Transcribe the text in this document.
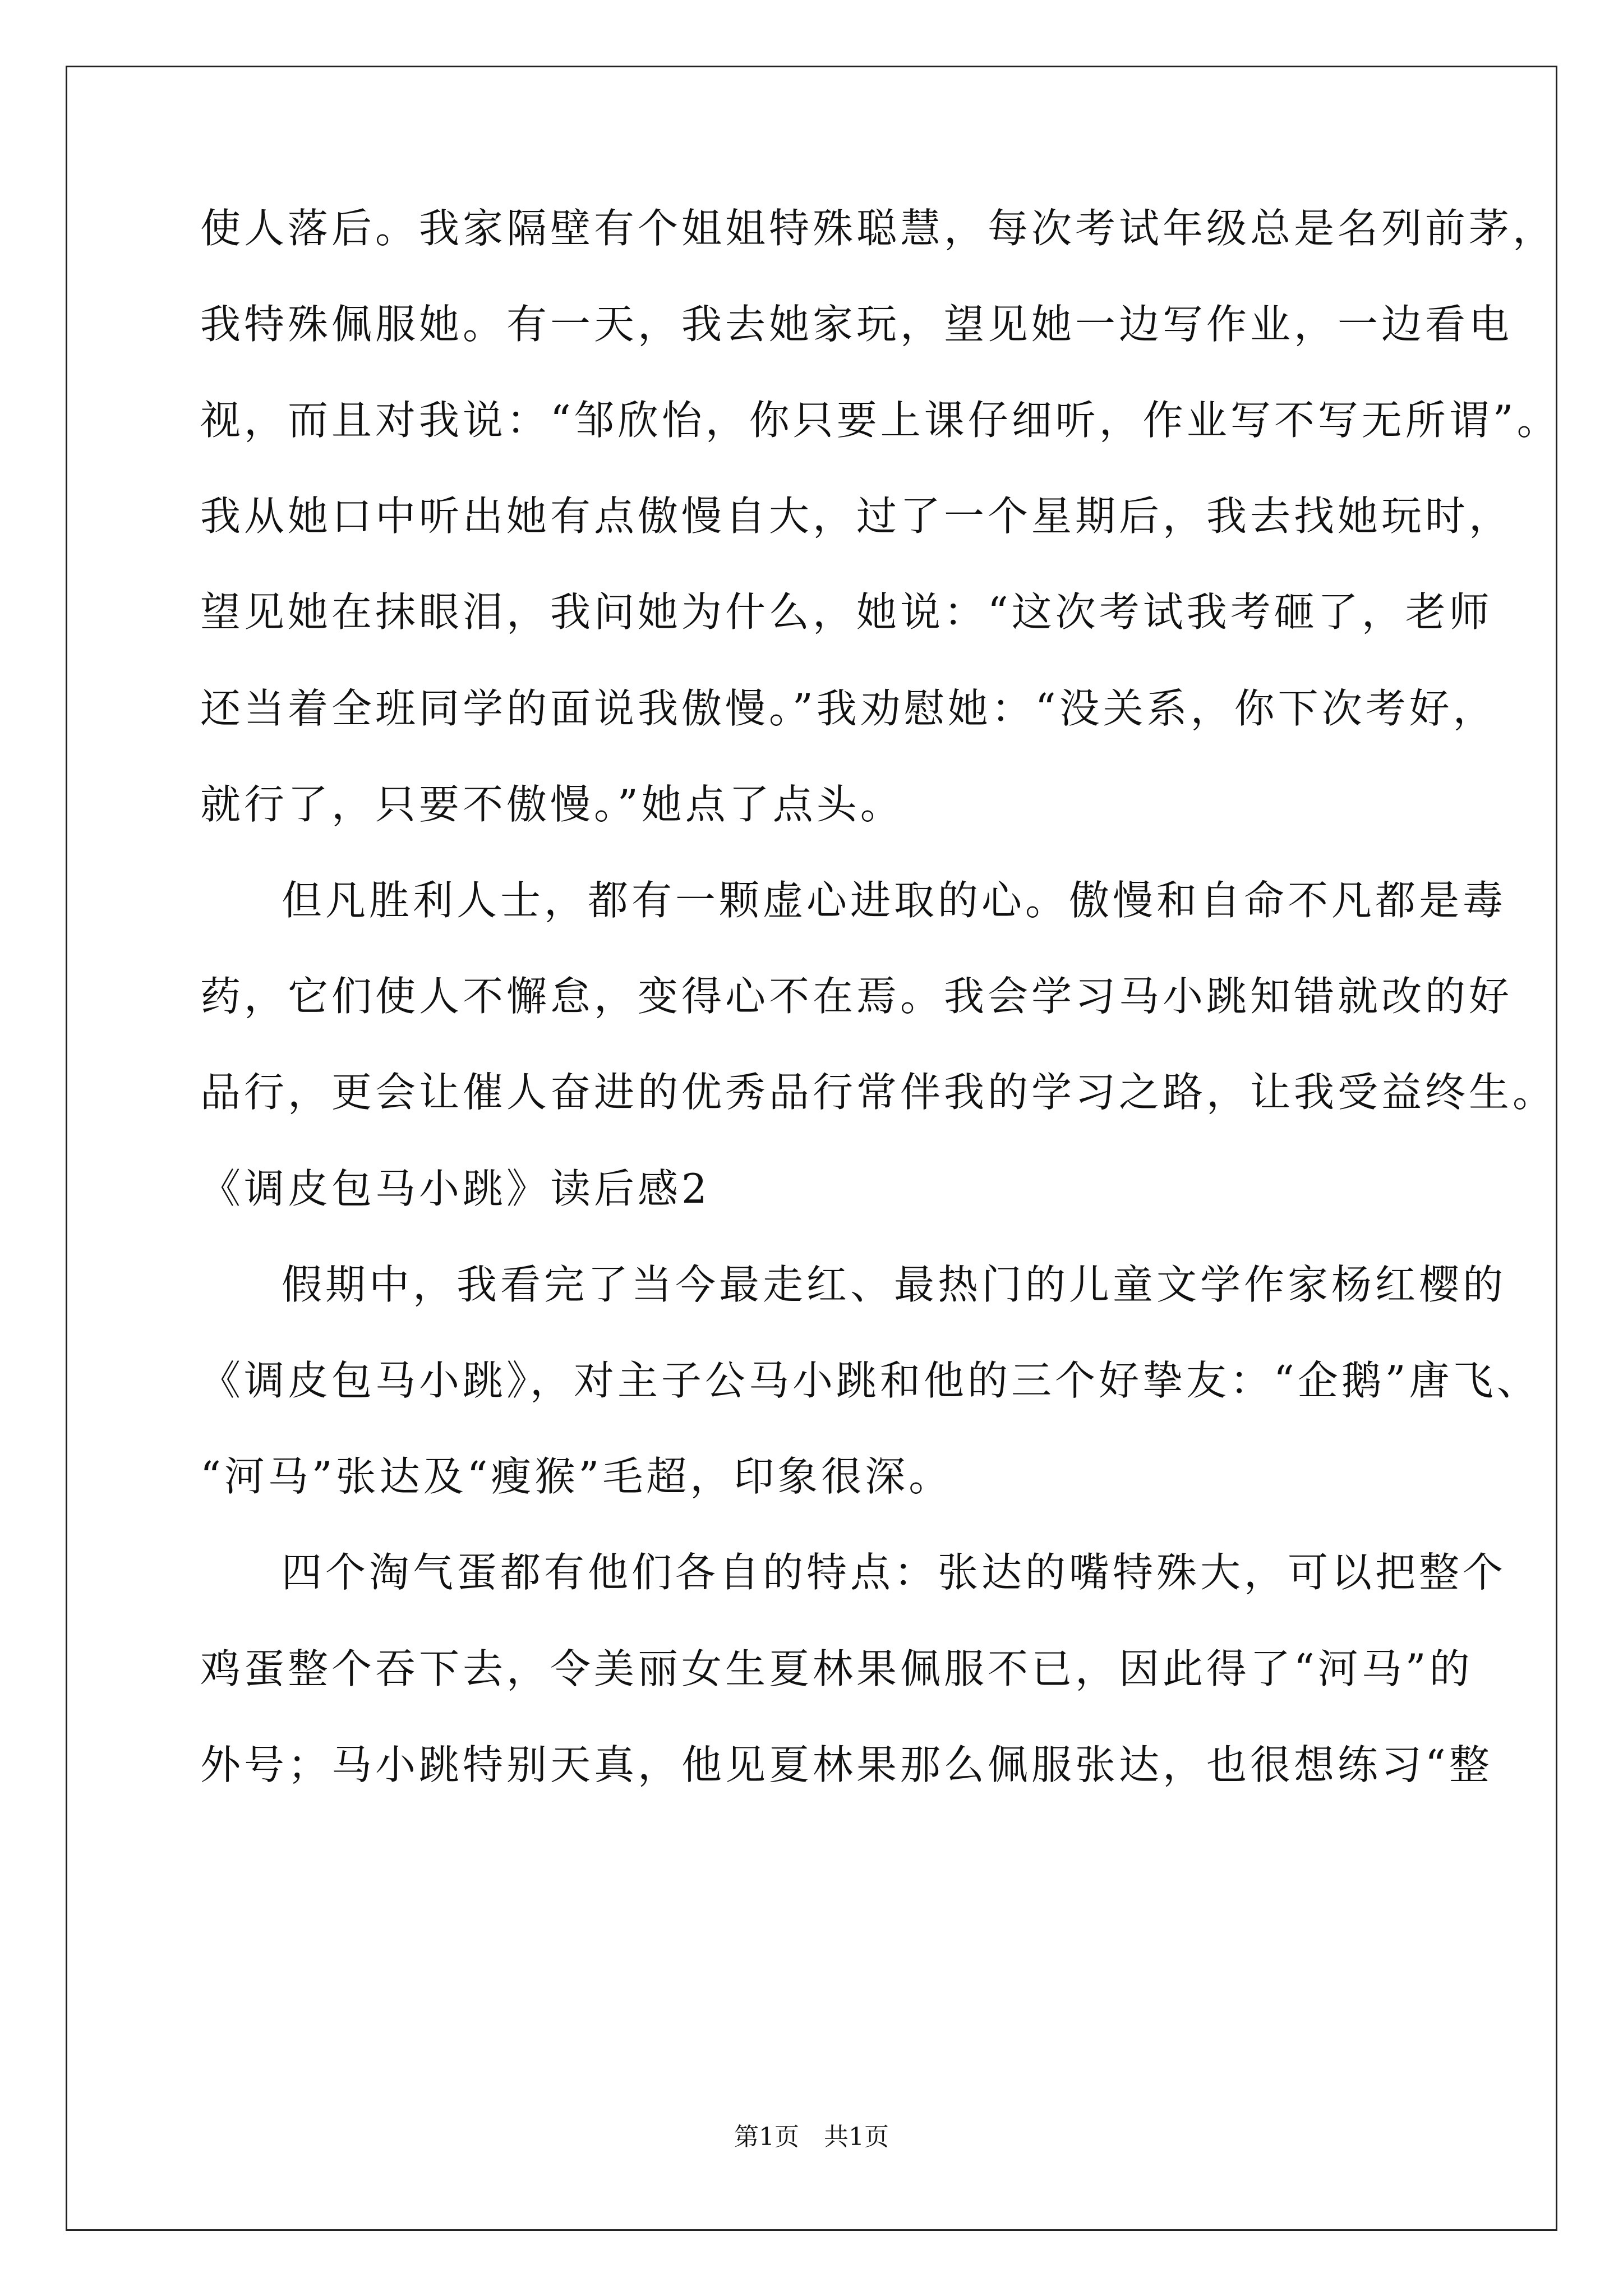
使人落后。我家隔壁有个姐姐特殊聪慧，每次考试年级总是名列前茅，
我特殊佩服她。有一天，我去她家玩，望见她一边写作业，一边看电
视，而且对我说：“邹欣怡，你只要上课仔细听，作业写不写无所谓”。
我从她口中听出她有点傲慢自大，过了一个星期后，我去找她玩时，
望见她在抹眼泪，我问她为什么，她说：“这次考试我考砸了，老师
还当着全班同学的面说我傲慢。”我劝慰她：“没关系，你下次考好，
就行了，只要不傲慢。”她点了点头。
但凡胜利人士，都有一颗虚心进取的心。傲慢和自命不凡都是毒
药，它们使人不懈怠，变得心不在焉。我会学习马小跳知错就改的好
品行，更会让催人奋进的优秀品行常伴我的学习之路，让我受益终生。
《调皮包马小跳》读后感2
假期中，我看完了当今最走红、最热门的儿童文学作家杨红樱的
《调皮包马小跳》，对主子公马小跳和他的三个好挚友：“企鹅”唐飞、
“河马”张达及“瘦猴”毛超，印象很深。
四个淘气蛋都有他们各自的特点：张达的嘴特殊大，可以把整个
鸡蛋整个吞下去，令美丽女生夏林果佩服不已，因此得了“河马”的
外号；马小跳特别天真，他见夏林果那么佩服张达，也很想练习“整
第1页　共1页
